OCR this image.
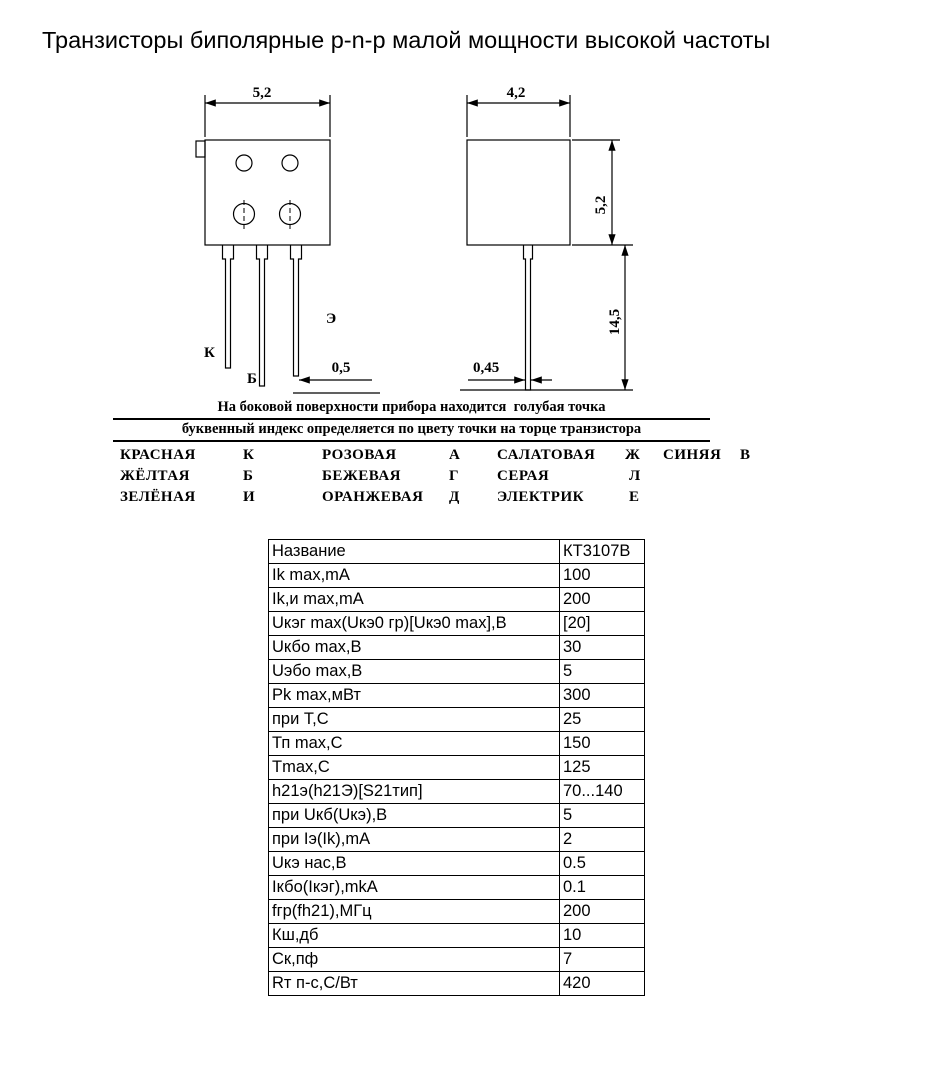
Транзисторы биполярные p-n-p малой мощности высокой частоты
5,2	4,2
0,5	0,45
5,2
14,5
К
Б
Э
На боковой поверхности прибора находится  голубая точка
буквенный индекс определяется по цвету точки на торце транзистора
КРАСНАЯ	К	РОЗОВАЯ	А САЛАТОВАЯ Ж СИНЯЯ В
ЖЁЛТАЯ	Б	БЕЖЕВАЯ	Г	СЕРАЯ	Л
ЗЕЛЁНАЯ	И	ОРАНЖЕВАЯ Д ЭЛЕКТРИК	Е
Название	КТ3107В
Ik max,mA	100
Ik,и max,mA	200
Uкэг max(Uкэ0 гр)[Uкэ0 max],В	[20]
Uкбо max,В	30
Uэбо max,В	5
Pk max,мВт	300
при Т,С	25
Тп max,С	150
Tmax,С	125
h21э(h21Э)[S21тип]	70...140
при Uкб(Uкэ),В	5
при Iэ(Ik),mA	2
Uкэ нас,В	0.5
Iкбо(Iкэг),mkA	0.1
fгр(fh21),МГц	200
Кш,дб	10
Ск,пф	7
Rт п-с,С/Вт	420
